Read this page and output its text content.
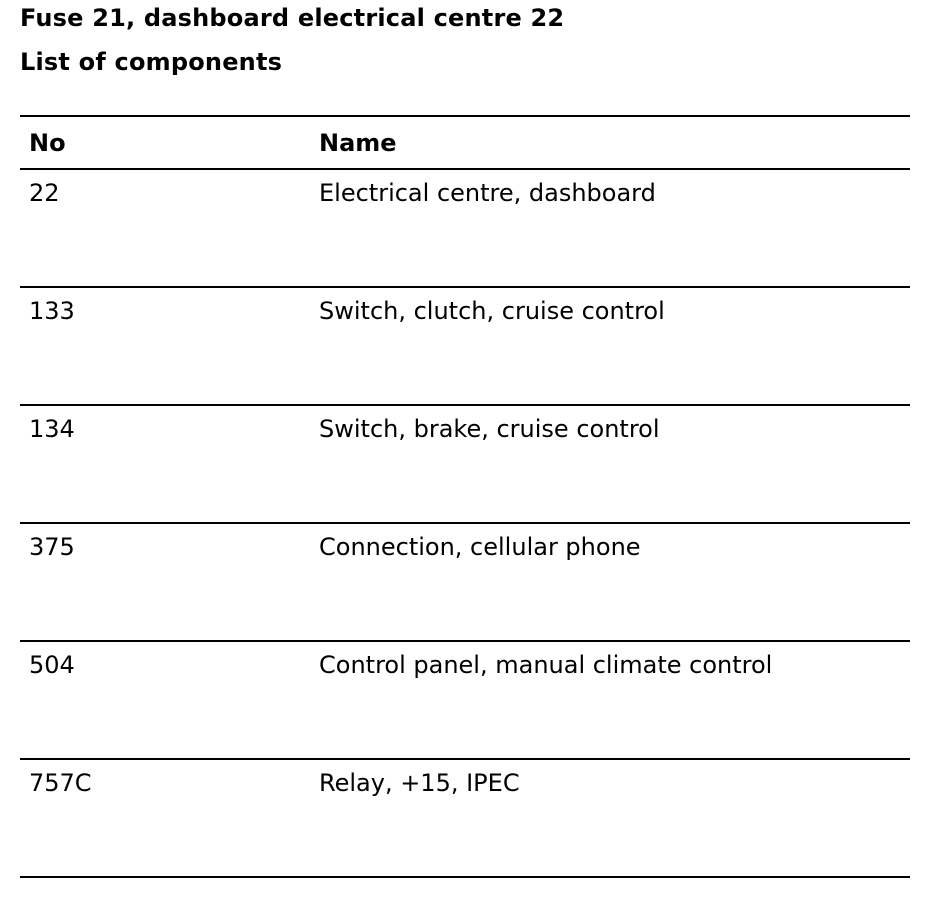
Fuse 21, dashboard electrical centre 22
List of components
No	Name
22	Electrical centre, dashboard
133	Switch, clutch, cruise control
134	Switch, brake, cruise control
375	Connection, cellular phone
504	Control panel, manual climate control
757C	Relay, +15, IPEC
